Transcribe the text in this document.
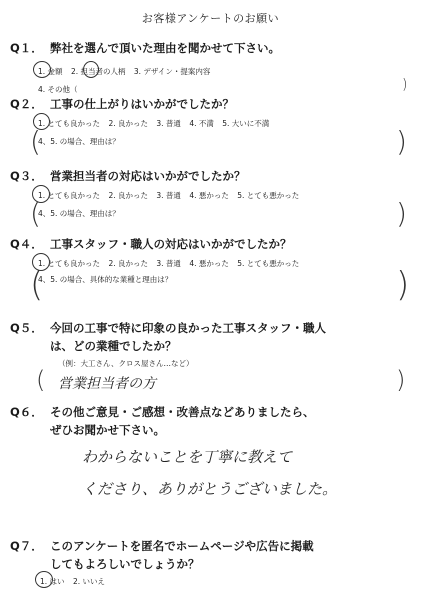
お客様アンケートのお願い
Q１． 弊社を選んで頂いた理由を聞かせて下さい。
1. 金額 2. 担当者の人柄 3. デザイン・提案内容
4. その他（	)
Q２． 工事の仕上がりはいかがでしたか？
1. とても良かった 2. 良かった 3. 普通 4. 不満 5. 大いに不満
4、5. の場合、理由は？
(	)
Q３． 営業担当者の対応はいかがでしたか？
1. とても良かった 2. 良かった 3. 普通 4. 悪かった 5. とても悪かった
4、5. の場合、理由は？
(	)
Q４． 工事スタッフ・職人の対応はいかがでしたか？
1. とても良かった 2. 良かった 3. 普通 4. 悪かった 5. とても悪かった
4、5. の場合、具体的な業種と理由は？
(	)
Q５． 今回の工事で特に印象の良かった工事スタッフ・職人
は、どの業種でしたか？
（例：大工さん、クロス屋さん…など）
( 営業担当者の方	)
Q６． その他ご意見・ご感想・改善点などありましたら、
ぜひお聞かせ下さい。
わからないことを丁寧に教えて
くださり、ありがとうございました。
Q７． このアンケートを匿名でホームページや広告に掲載
してもよろしいでしょうか？
1. はい 2. いいえ
